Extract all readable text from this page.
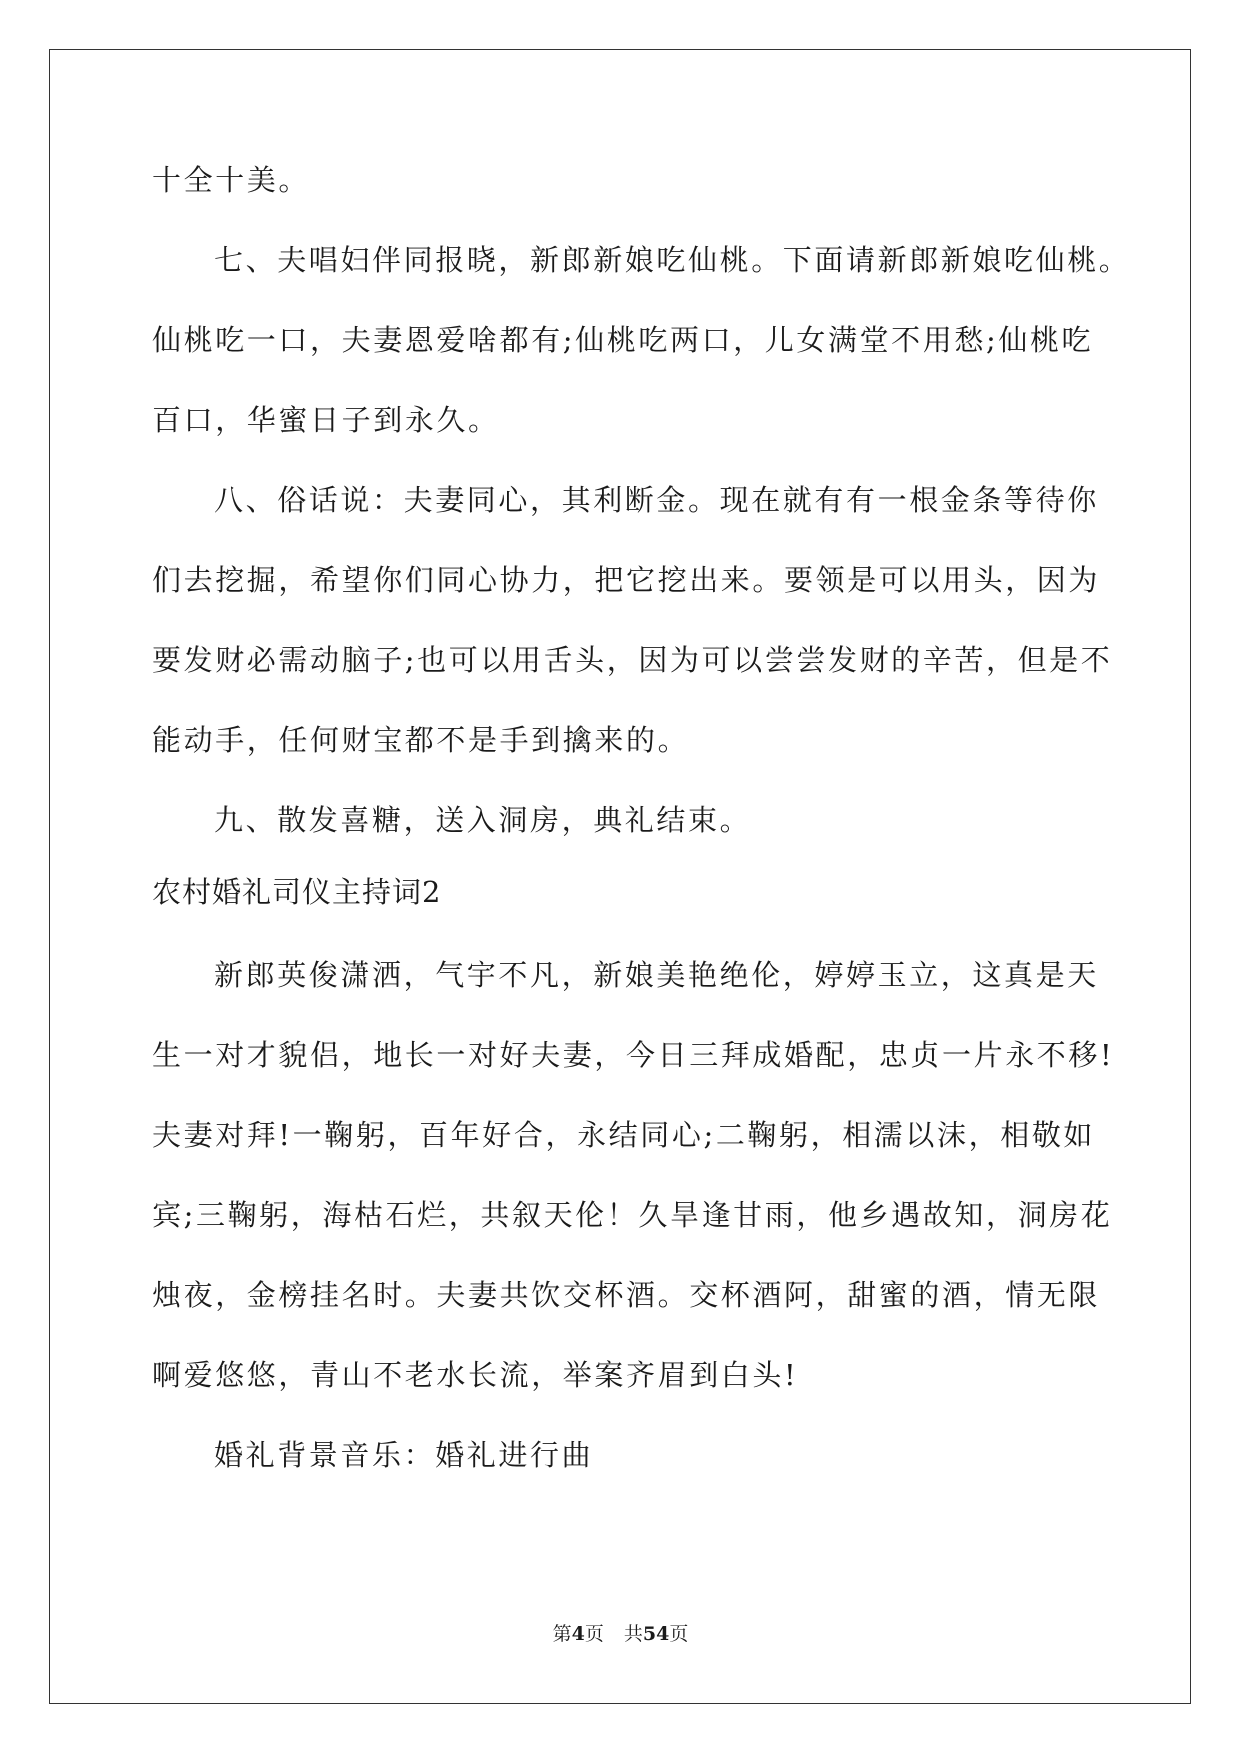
十全十美。
七、夫唱妇伴同报晓，新郎新娘吃仙桃。下面请新郎新娘吃仙桃。
仙桃吃一口，夫妻恩爱啥都有;仙桃吃两口，儿女满堂不用愁;仙桃吃
百口，华蜜日子到永久。
八、俗话说：夫妻同心，其利断金。现在就有有一根金条等待你
们去挖掘，希望你们同心协力，把它挖出来。要领是可以用头，因为
要发财必需动脑子;也可以用舌头，因为可以尝尝发财的辛苦，但是不
能动手，任何财宝都不是手到擒来的。
九、散发喜糖，送入洞房，典礼结束。
农村婚礼司仪主持词2
新郎英俊潇洒，气宇不凡，新娘美艳绝伦，婷婷玉立，这真是天
生一对才貌侣，地长一对好夫妻，今日三拜成婚配，忠贞一片永不移!
夫妻对拜!一鞠躬，百年好合，永结同心;二鞠躬，相濡以沫，相敬如
宾;三鞠躬，海枯石烂，共叙天伦！久旱逢甘雨，他乡遇故知，洞房花
烛夜，金榜挂名时。夫妻共饮交杯酒。交杯酒阿，甜蜜的酒，情无限
啊爱悠悠，青山不老水长流，举案齐眉到白头!
婚礼背景音乐：婚礼进行曲
第4页 共54页
